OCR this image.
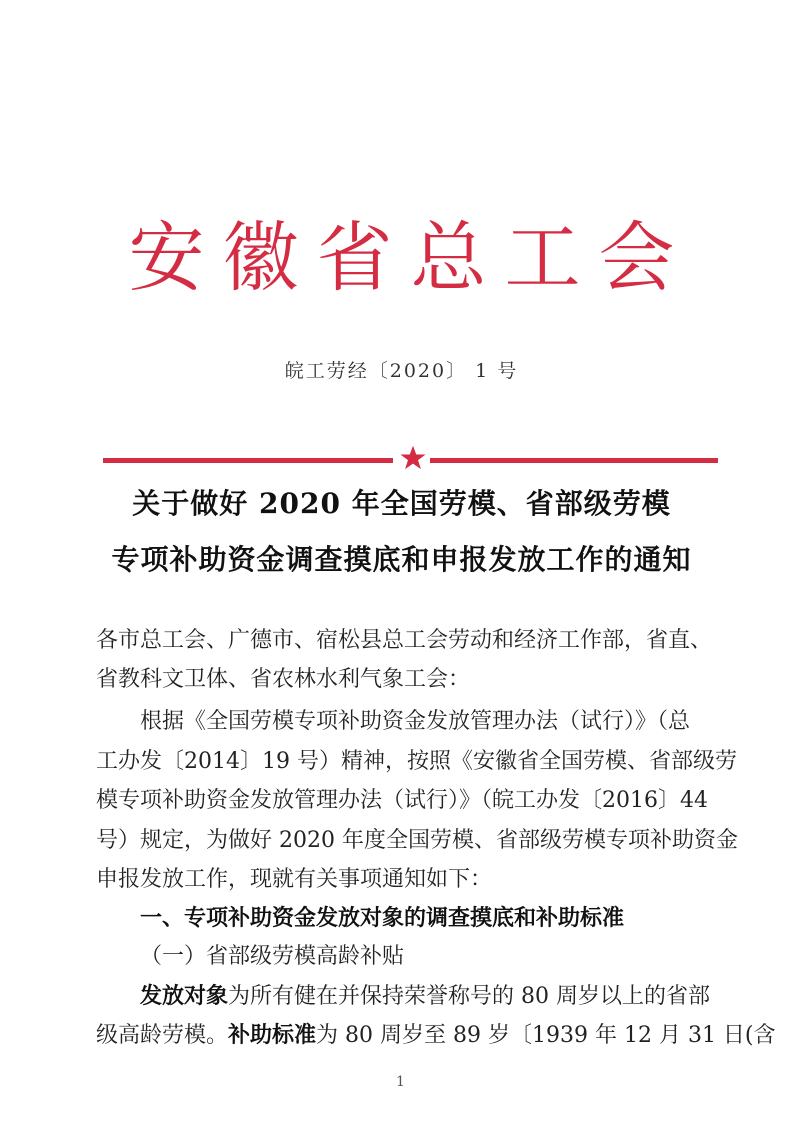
安徽省总工会
皖工劳经〔2020〕 1 号
关于做好 2020 年全国劳模、省部级劳模
专项补助资金调查摸底和申报发放工作的通知
各市总工会、广德市、宿松县总工会劳动和经济工作部，省直、
省教科文卫体、省农林水利气象工会：
根据《全国劳模专项补助资金发放管理办法（试行）》（总
工办发〔2014〕19 号）精神，按照《安徽省全国劳模、省部级劳
模专项补助资金发放管理办法（试行）》（皖工办发〔2016〕44
号）规定，为做好 2020 年度全国劳模、省部级劳模专项补助资金
申报发放工作，现就有关事项通知如下：
一、专项补助资金发放对象的调查摸底和补助标准
（一）省部级劳模高龄补贴
发放对象为所有健在并保持荣誉称号的 80 周岁以上的省部
级高龄劳模。补助标准为 80 周岁至 89 岁〔1939 年 12 月 31 日(含
1
